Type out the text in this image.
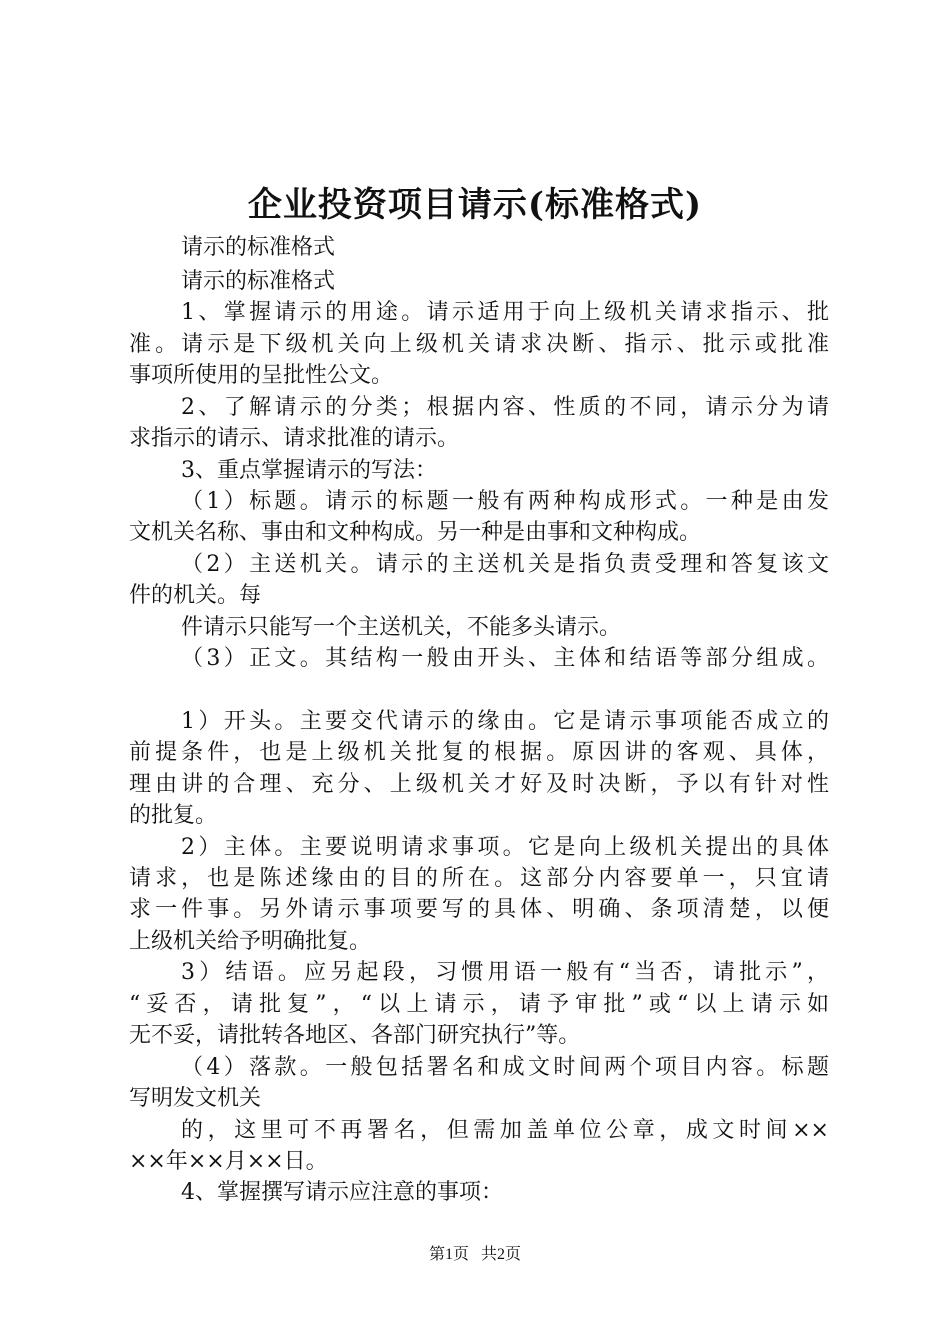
企业投资项目请示(标准格式)
请示的标准格式
请示的标准格式
1、掌握请示的用途。请示适用于向上级机关请求指示、批
准。请示是下级机关向上级机关请求决断、指示、批示或批准
事项所使用的呈批性公文。
2、了解请示的分类；根据内容、性质的不同，请示分为请
求指示的请示、请求批准的请示。
3、重点掌握请示的写法：
（1）标题。请示的标题一般有两种构成形式。一种是由发
文机关名称、事由和文种构成。另一种是由事和文种构成。
（2）主送机关。请示的主送机关是指负责受理和答复该文
件的机关。每
件请示只能写一个主送机关，不能多头请示。
（3）正文。其结构一般由开头、主体和结语等部分组成。
1）开头。主要交代请示的缘由。它是请示事项能否成立的
前提条件，也是上级机关批复的根据。原因讲的客观、具体，
理由讲的合理、充分、上级机关才好及时决断，予以有针对性
的批复。
2）主体。主要说明请求事项。它是向上级机关提出的具体
请求，也是陈述缘由的目的所在。这部分内容要单一，只宜请
求一件事。另外请示事项要写的具体、明确、条项清楚，以便
上级机关给予明确批复。
3）结语。应另起段，习惯用语一般有“当否，请批示”，
“妥否，请批复”，“以上请示，请予审批”或“以上请示如
无不妥，请批转各地区、各部门研究执行”等。
（4）落款。一般包括署名和成文时间两个项目内容。标题
写明发文机关
的，这里可不再署名，但需加盖单位公章，成文时间××
××年××月××日。
4、掌握撰写请示应注意的事项：
第1页 共2页
